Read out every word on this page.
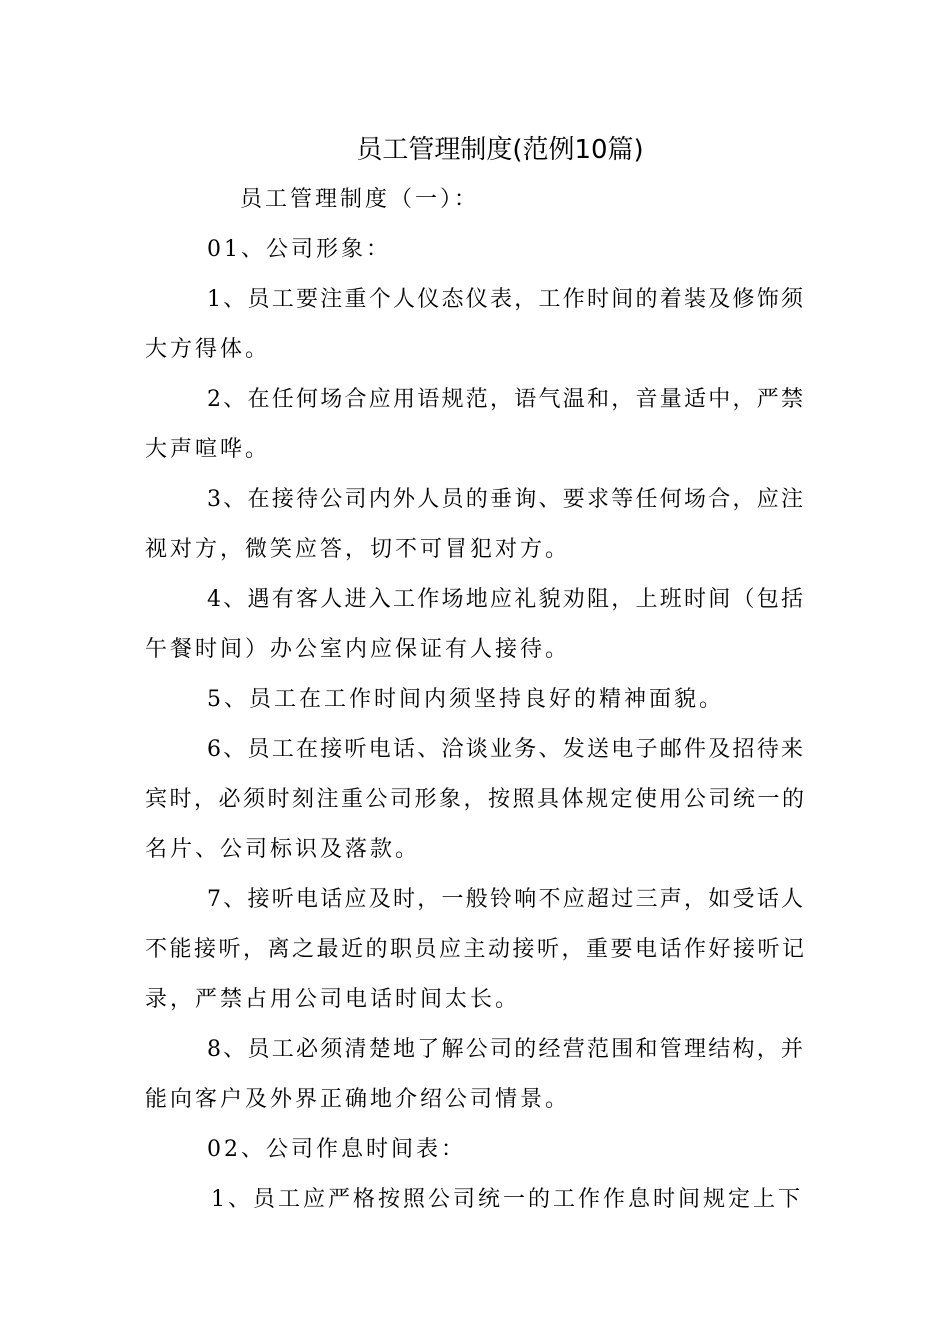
员工管理制度(范例10篇)
员工管理制度（一）：
01、公司形象：
1、员工要注重个人仪态仪表，工作时间的着装及修饰须
大方得体。
2、在任何场合应用语规范，语气温和，音量适中，严禁
大声喧哗。
3、在接待公司内外人员的垂询、要求等任何场合，应注
视对方，微笑应答，切不可冒犯对方。
4、遇有客人进入工作场地应礼貌劝阻，上班时间（包括
午餐时间）办公室内应保证有人接待。
5、员工在工作时间内须坚持良好的精神面貌。
6、员工在接听电话、洽谈业务、发送电子邮件及招待来
宾时，必须时刻注重公司形象，按照具体规定使用公司统一的
名片、公司标识及落款。
7、接听电话应及时，一般铃响不应超过三声，如受话人
不能接听，离之最近的职员应主动接听，重要电话作好接听记
录，严禁占用公司电话时间太长。
8、员工必须清楚地了解公司的经营范围和管理结构，并
能向客户及外界正确地介绍公司情景。
02、公司作息时间表：
1、员工应严格按照公司统一的工作作息时间规定上下
